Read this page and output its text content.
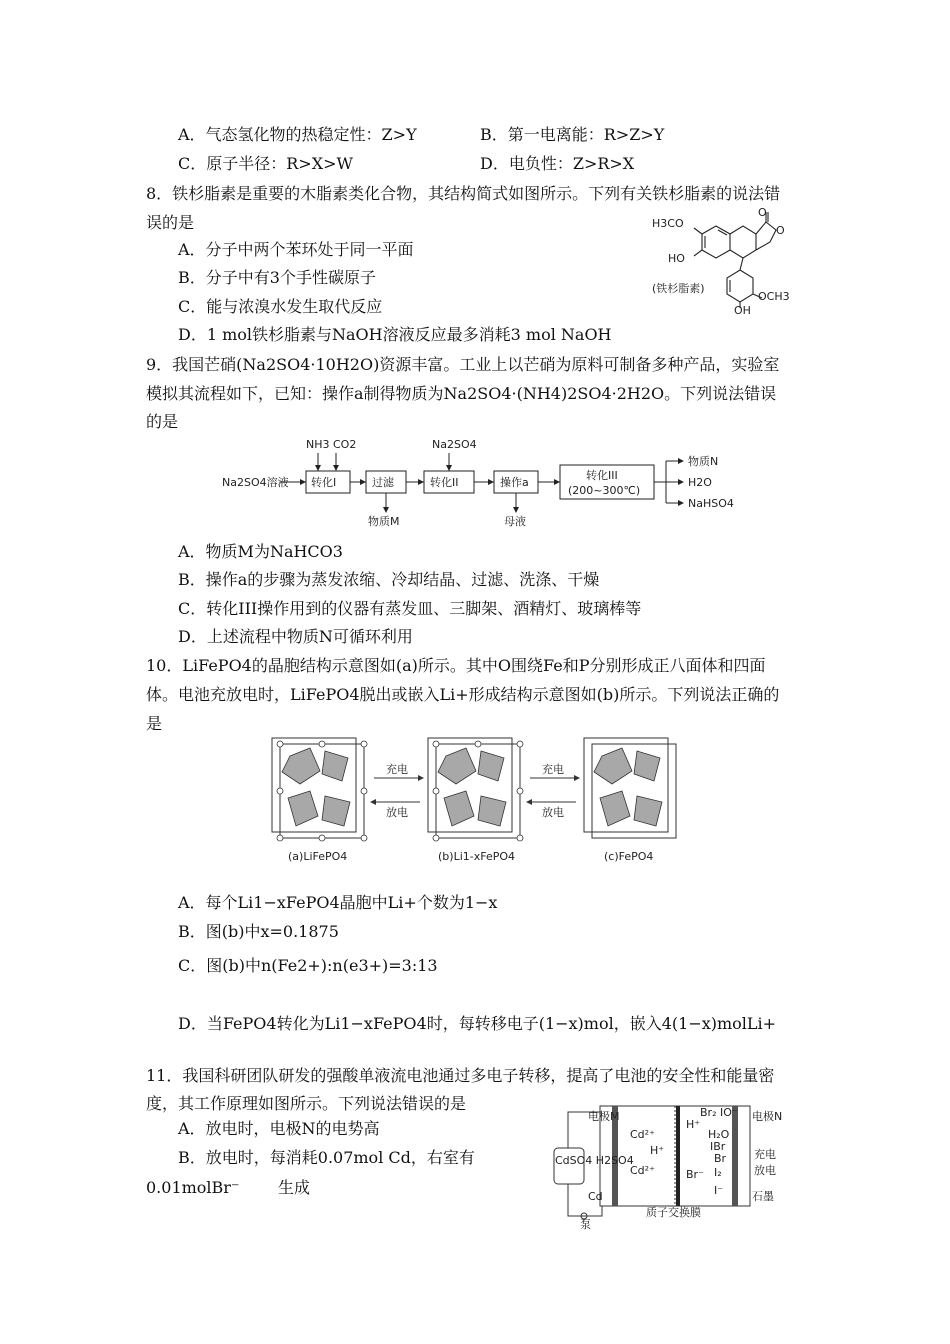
A．气态氢化物的热稳定性：Z>Y	B．第一电离能：R>Z>Y
C．原子半径：R>X>W	D．电负性：Z>R>X
8．铁杉脂素是重要的木脂素类化合物，其结构简式如图所示。下列有关铁杉脂素的说法错
误的是
A．分子中两个苯环处于同一平面
B．分子中有3个手性碳原子
C．能与浓溴水发生取代反应
D．1 mol铁杉脂素与NaOH溶液反应最多消耗3 mol NaOH
H3CO
HO
O
O
OCH3
OH
(铁杉脂素)
9．我国芒硝(Na2SO4·10H2O)资源丰富。工业上以芒硝为原料可制备多种产品，实验室
模拟其流程如下，已知：操作a制得物质为Na2SO4·(NH4)2SO4·2H2O。下列说法错误
的是
Na2SO4溶液 转化I
NH3 CO2
过滤
物质M
转化II
Na2SO4
操作a
母液
转化III
(200~300℃)
物质N
H2O
NaHSO4
A．物质M为NaHCO3
B．操作a的步骤为蒸发浓缩、冷却结晶、过滤、洗涤、干燥
C．转化III操作用到的仪器有蒸发皿、三脚架、酒精灯、玻璃棒等
D．上述流程中物质N可循环利用
10．LiFePO4的晶胞结构示意图如(a)所示。其中O围绕Fe和P分别形成正八面体和四面
体。电池充放电时，LiFePO4脱出或嵌入Li+形成结构示意图如(b)所示。下列说法正确的
是
充电
放电
充电
放电
(a)LiFePO4	(b)Li1-xFePO4	(c)FePO4
A．每个Li1−xFePO4晶胞中Li+个数为1−x
B．图(b)中x=0.1875
C．图(b)中n(Fe2+):n(e3+)=3:13
D．当FePO4转化为Li1−xFePO4时，每转移电子(1−x)mol，嵌入4(1−x)molLi+
11．我国科研团队研发的强酸单液流电池通过多电子转移，提高了电池的安全性和能量密
度，其工作原理如图所示。下列说法错误的是
A．放电时，电极N的电势高
B．放电时，每消耗0.07mol Cd，右室有
0.01molBr⁻ 生成
电极M	电极N
CdSO4 H2SO4
Cd
质子交换膜
石墨
泵
充电
放电
Cd²⁺
Cd²⁺
H⁺
H⁺
Br₂ IO⁻
H₂O
IBr
Br⁻
Br
I₂
I⁻
